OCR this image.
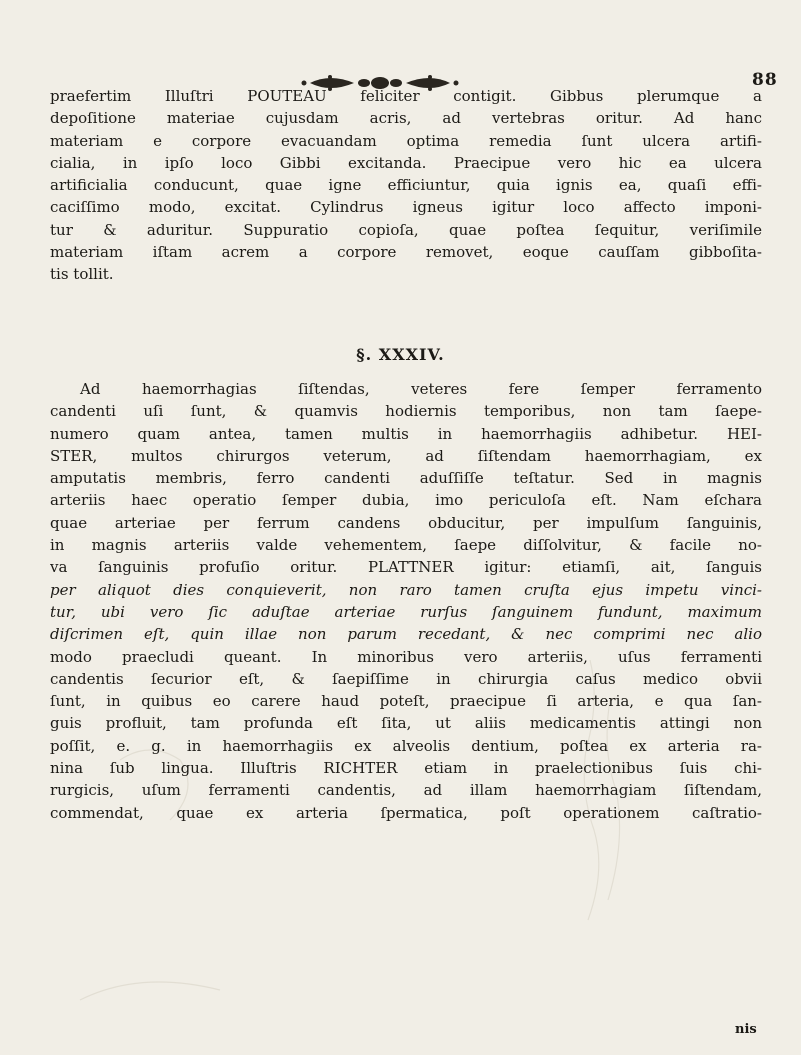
88
praefertim Illuſtri POUTEAU feliciter contigit. Gibbus plerumque a
depoſitione materiae cujusdam acris, ad vertebras oritur. Ad hanc
materiam e corpore evacuandam optima remedia ſunt ulcera artifi-
cialia, in ipſo loco Gibbi excitanda. Praecipue vero hic ea ulcera
artificialia conducunt, quae igne efficiuntur, quia ignis ea, quaſi effi-
caciſſimo modo, excitat. Cylindrus igneus igitur loco affecto imponi-
tur & aduritur. Suppuratio copioſa, quae poſtea ſequitur, veriſimile
materiam iſtam acrem a corpore removet, eoque cauſſam gibboſita-
tis tollit.
§. XXXIV.
Ad haemorrhagias ſiſtendas, veteres fere ſemper ferramento
candenti uſi ſunt, & quamvis hodiernis temporibus, non tam ſaepe-
numero quam antea, tamen multis in haemorrhagiis adhibetur. HEI-
STER, multos chirurgos veterum, ad ſiſtendam haemorrhagiam, ex
amputatis membris, ferro candenti aduſſiſſe teſtatur. Sed in magnis
arteriis haec operatio ſemper dubia, imo periculoſa eſt. Nam eſchara
quae arteriae per ferrum candens obducitur, per impulſum ſanguinis,
in magnis arteriis valde vehementem, ſaepe diſſolvitur, & facile no-
va ſanguinis profuſio oritur. PLATTNER igitur: etiamſi, ait, ſanguis
per aliquot dies conquieverit, non raro tamen cruſta ejus impetu vinci-
tur, ubi vero ſic aduſtae arteriae rurſus ſanguinem fundunt, maximum
diſcrimen eſt, quin illae non parum recedant, & nec comprimi nec alio
modo praecludi queant. In minoribus vero arteriis, uſus ferramenti
candentis ſecurior eſt, & ſaepiſſime in chirurgia caſus medico obvii
ſunt, in quibus eo carere haud poteſt, praecipue ſi arteria, e qua ſan-
guis profluit, tam profunda eſt ſita, ut aliis medicamentis attingi non
poſſit, e. g. in haemorrhagiis ex alveolis dentium, poſtea ex arteria ra-
nina ſub lingua. Illuſtris RICHTER etiam in praelectionibus ſuis chi-
rurgicis, uſum ferramenti candentis, ad illam haemorrhagiam ſiſtendam,
commendat, quae ex arteria ſpermatica, poſt operationem caſtratio-
nis
